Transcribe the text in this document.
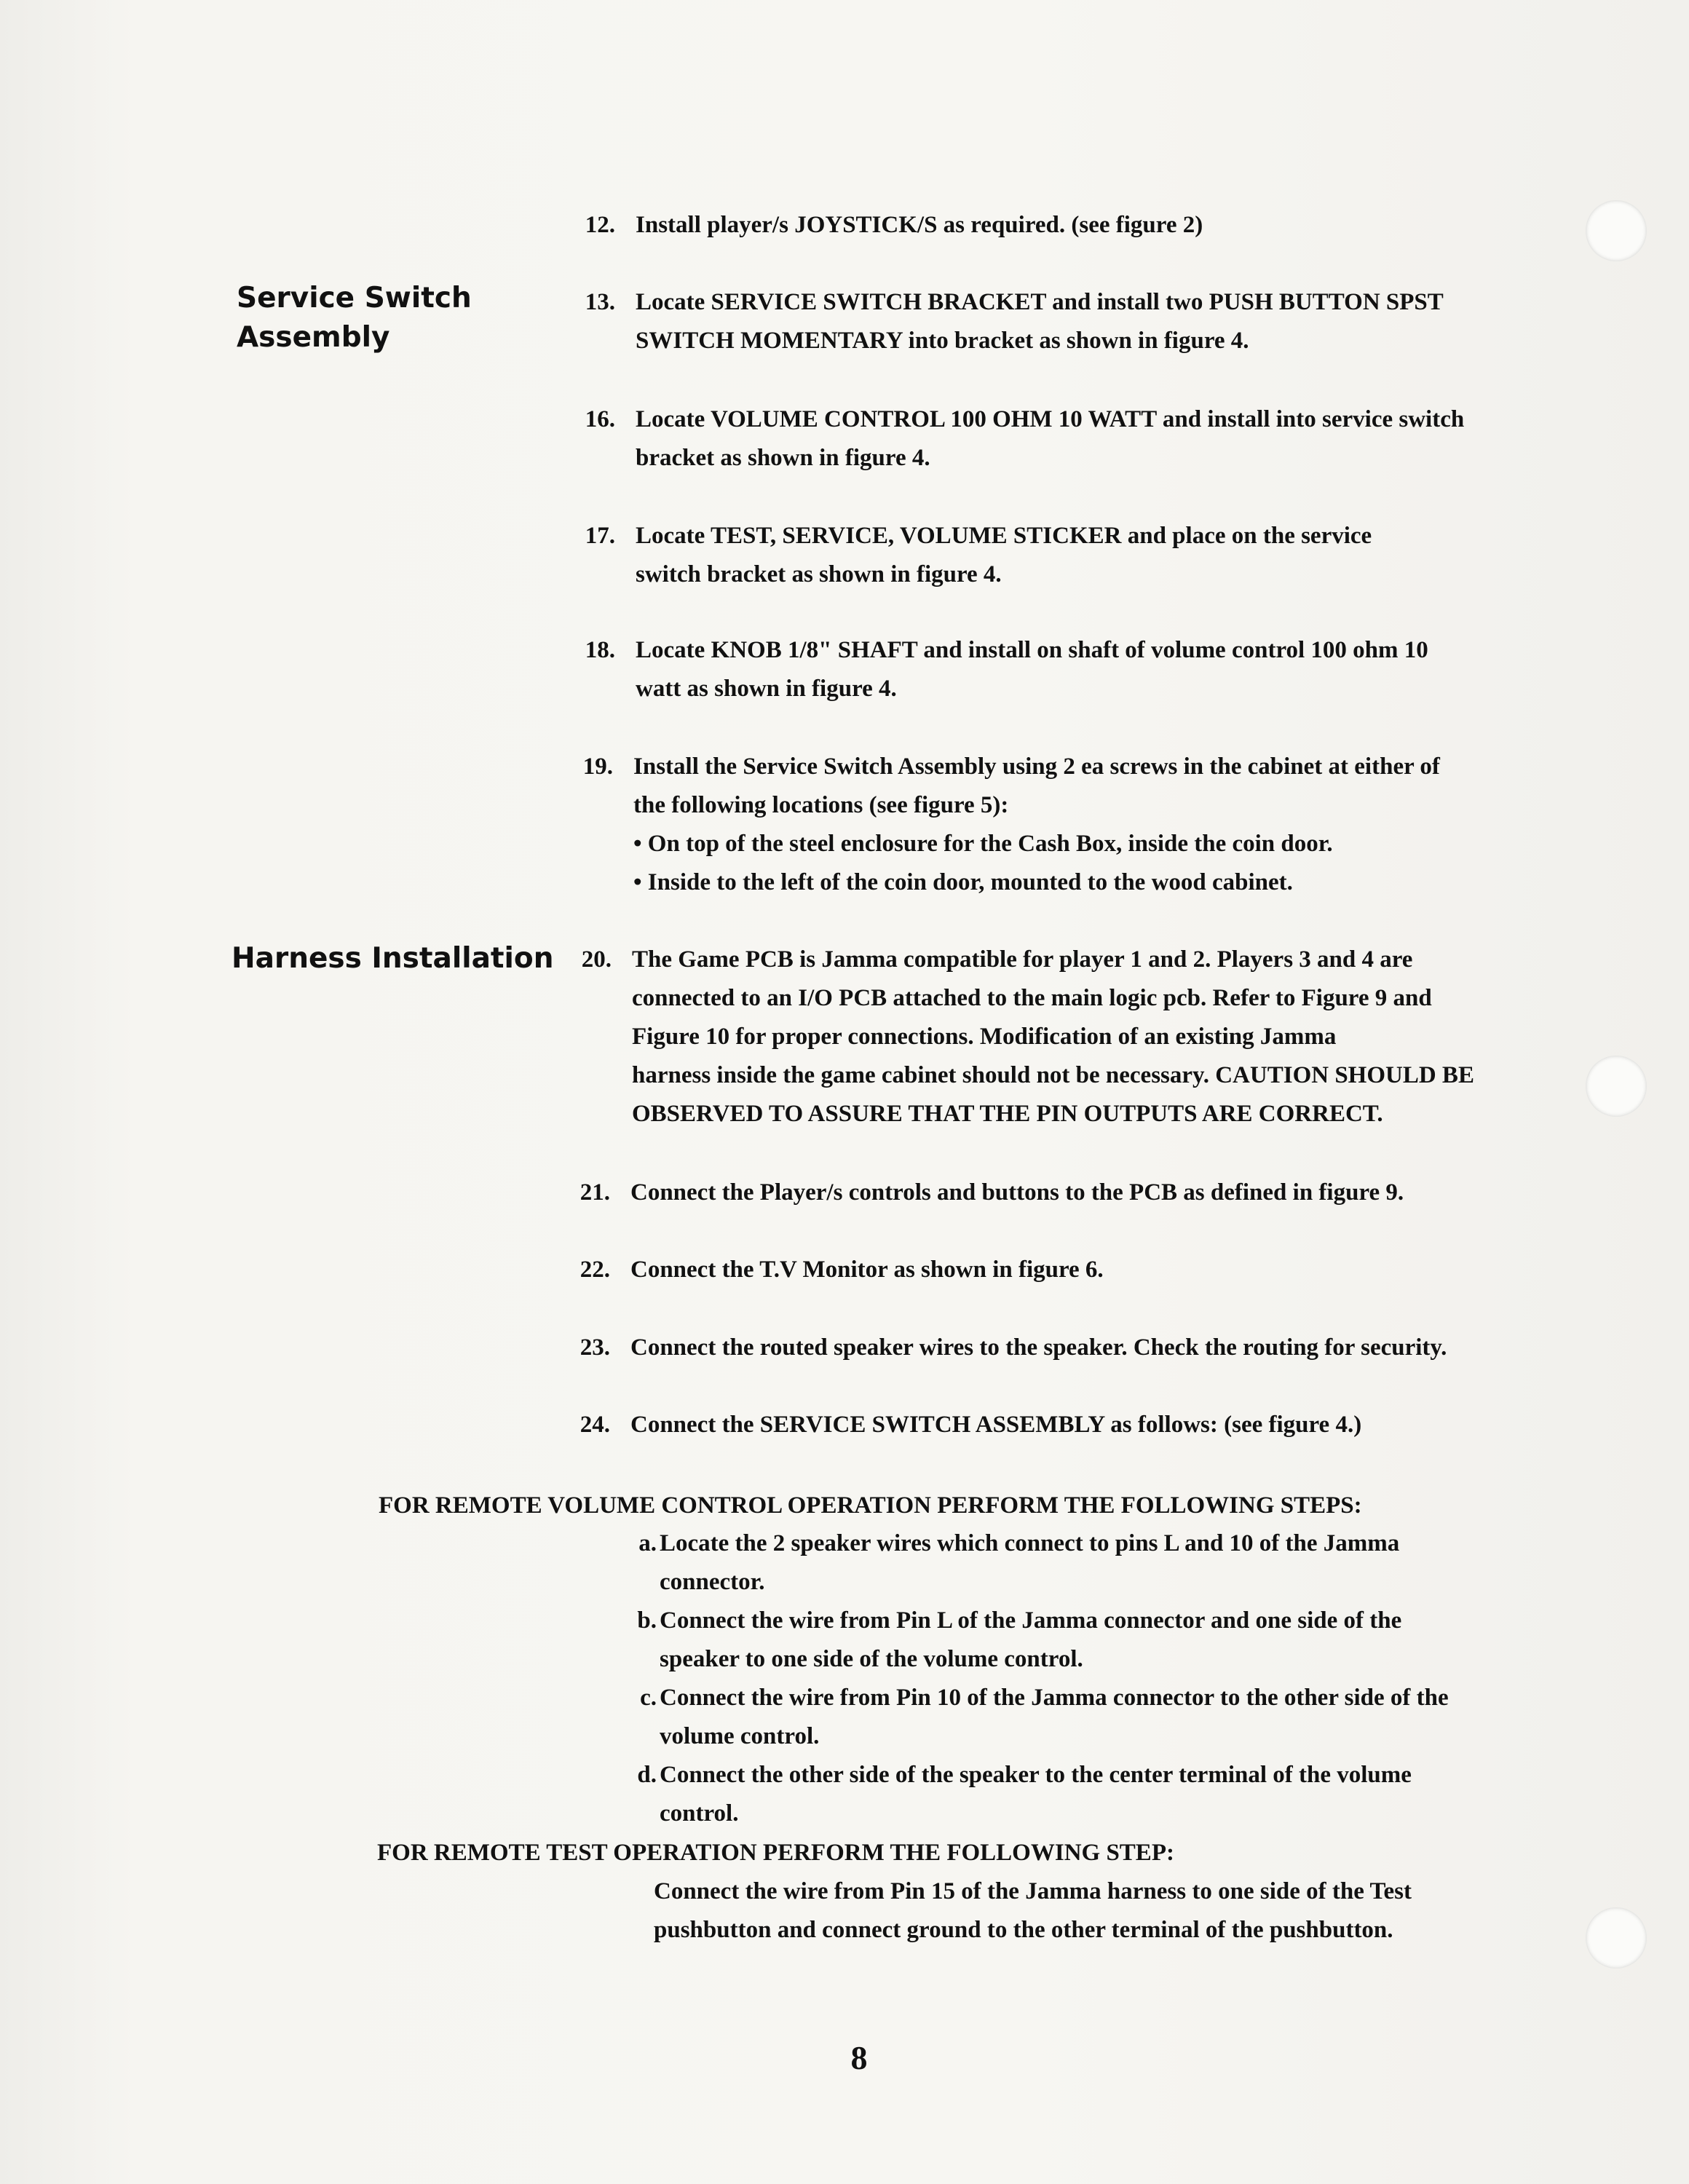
Service Switch
Assembly
Harness Installation
12. Install player/s JOYSTICK/S as required. (see figure 2)
13. Locate SERVICE SWITCH BRACKET and install two PUSH BUTTON SPST
SWITCH MOMENTARY into bracket as shown in figure 4.
16. Locate VOLUME CONTROL 100 OHM 10 WATT and install into service switch
bracket as shown in figure 4.
17. Locate TEST, SERVICE, VOLUME STICKER and place on the service
switch bracket as shown in figure 4.
18. Locate KNOB 1/8" SHAFT and install on shaft of volume control 100 ohm 10
watt as shown in figure 4.
19. Install the Service Switch Assembly using 2 ea screws in the cabinet at either of
the following locations (see figure 5):
• On top of the steel enclosure for the Cash Box, inside the coin door.
• Inside to the left of the coin door, mounted to the wood cabinet.
20. The Game PCB is Jamma compatible for player 1 and 2. Players 3 and 4 are
connected to an I/O PCB attached to the main logic pcb. Refer to Figure 9 and
Figure 10 for proper connections. Modification of an existing Jamma
harness inside the game cabinet should not be necessary. CAUTION SHOULD BE
OBSERVED TO ASSURE THAT THE PIN OUTPUTS ARE CORRECT.
21. Connect the Player/s controls and buttons to the PCB as defined in figure 9.
22. Connect the T.V Monitor as shown in figure 6.
23. Connect the routed speaker wires to the speaker. Check the routing for security.
24. Connect the SERVICE SWITCH ASSEMBLY as follows: (see figure 4.)
FOR REMOTE VOLUME CONTROL OPERATION PERFORM THE FOLLOWING STEPS:
a. Locate the 2 speaker wires which connect to pins L and 10 of the Jamma
connector.
b. Connect the wire from Pin L of the Jamma connector and one side of the
speaker to one side of the volume control.
c. Connect the wire from Pin 10 of the Jamma connector to the other side of the
volume control.
d. Connect the other side of the speaker to the center terminal of the volume
control.
FOR REMOTE TEST OPERATION PERFORM THE FOLLOWING STEP:
Connect the wire from Pin 15 of the Jamma harness to one side of the Test
pushbutton and connect ground to the other terminal of the pushbutton.
8
